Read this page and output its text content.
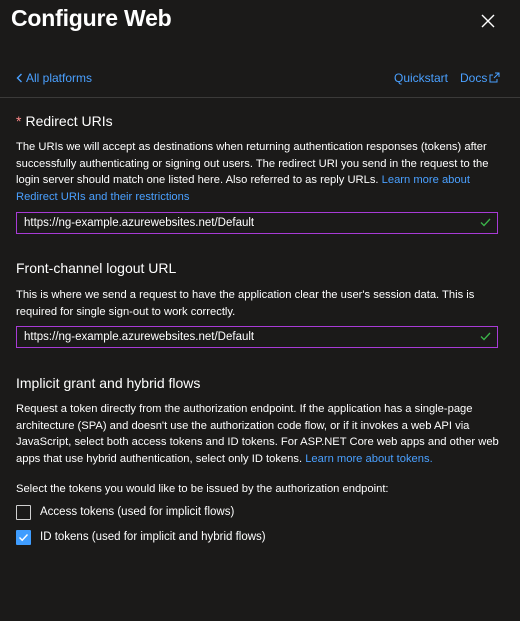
Configure Web
All platforms	Quickstart Docs
* Redirect URIs
The URIs we will accept as destinations when returning authentication responses (tokens) after successfully authenticating or signing out users. The redirect URI you send in the request to the login server should match one listed here. Also referred to as reply URLs. Learn more about Redirect URIs and their restrictions
https://ng-example.azurewebsites.net/Default
Front-channel logout URL
This is where we send a request to have the application clear the user's session data. This is required for single sign-out to work correctly.
https://ng-example.azurewebsites.net/Default
Implicit grant and hybrid flows
Request a token directly from the authorization endpoint. If the application has a single-page architecture (SPA) and doesn't use the authorization code flow, or if it invokes a web API via JavaScript, select both access tokens and ID tokens. For ASP.NET Core web apps and other web apps that use hybrid authentication, select only ID tokens. Learn more about tokens.
Select the tokens you would like to be issued by the authorization endpoint:
Access tokens (used for implicit flows)
ID tokens (used for implicit and hybrid flows)
